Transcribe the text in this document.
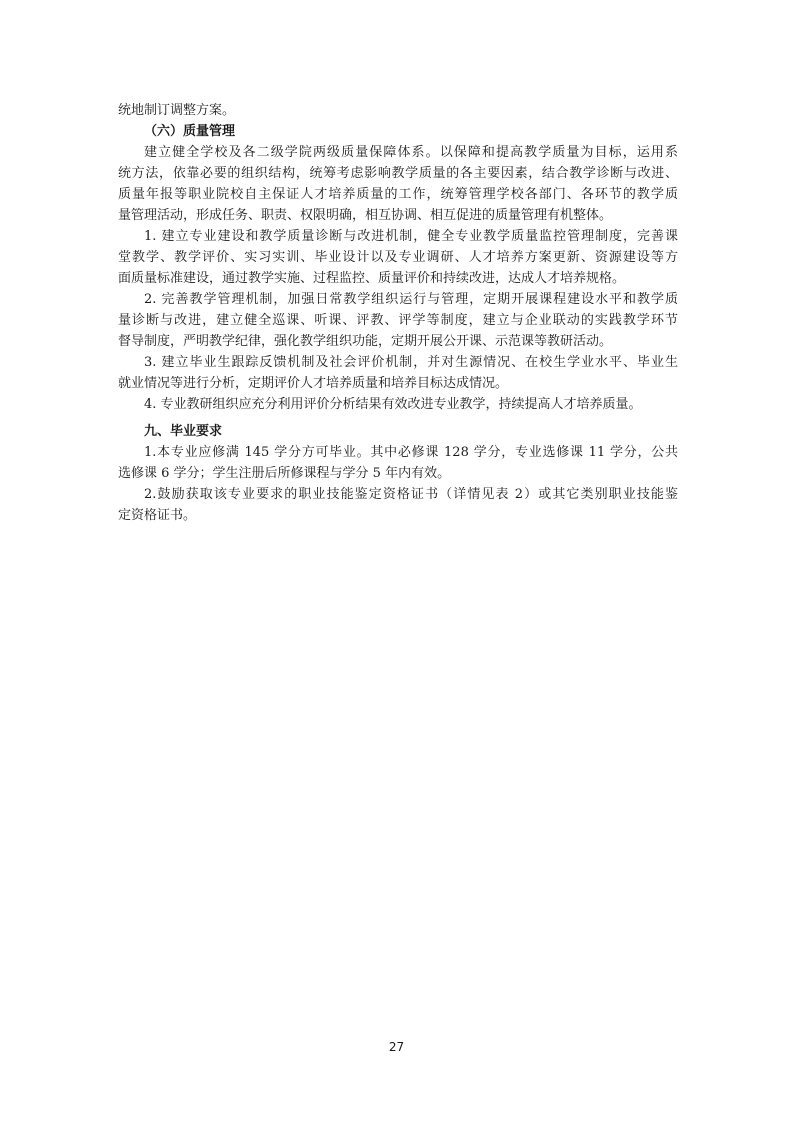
统地制订调整方案。
（六）质量管理
建立健全学校及各二级学院两级质量保障体系。以保障和提高教学质量为目标，运用系
统方法，依靠必要的组织结构，统筹考虑影响教学质量的各主要因素，结合教学诊断与改进、
质量年报等职业院校自主保证人才培养质量的工作，统筹管理学校各部门、各环节的教学质
量管理活动，形成任务、职责、权限明确，相互协调、相互促进的质量管理有机整体。
1. 建立专业建设和教学质量诊断与改进机制，健全专业教学质量监控管理制度，完善课
堂教学、教学评价、实习实训、毕业设计以及专业调研、人才培养方案更新、资源建设等方
面质量标准建设，通过教学实施、过程监控、质量评价和持续改进，达成人才培养规格。
2. 完善教学管理机制，加强日常教学组织运行与管理，定期开展课程建设水平和教学质
量诊断与改进，建立健全巡课、听课、评教、评学等制度，建立与企业联动的实践教学环节
督导制度，严明教学纪律，强化教学组织功能，定期开展公开课、示范课等教研活动。
3. 建立毕业生跟踪反馈机制及社会评价机制，并对生源情况、在校生学业水平、毕业生
就业情况等进行分析，定期评价人才培养质量和培养目标达成情况。
4. 专业教研组织应充分利用评价分析结果有效改进专业教学，持续提高人才培养质量。
九、毕业要求
1.本专业应修满 145 学分方可毕业。其中必修课 128 学分，专业选修课 11 学分，公共
选修课 6 学分；学生注册后所修课程与学分 5 年内有效。
2.鼓励获取该专业要求的职业技能鉴定资格证书（详情见表 2）或其它类别职业技能鉴
定资格证书。
27
